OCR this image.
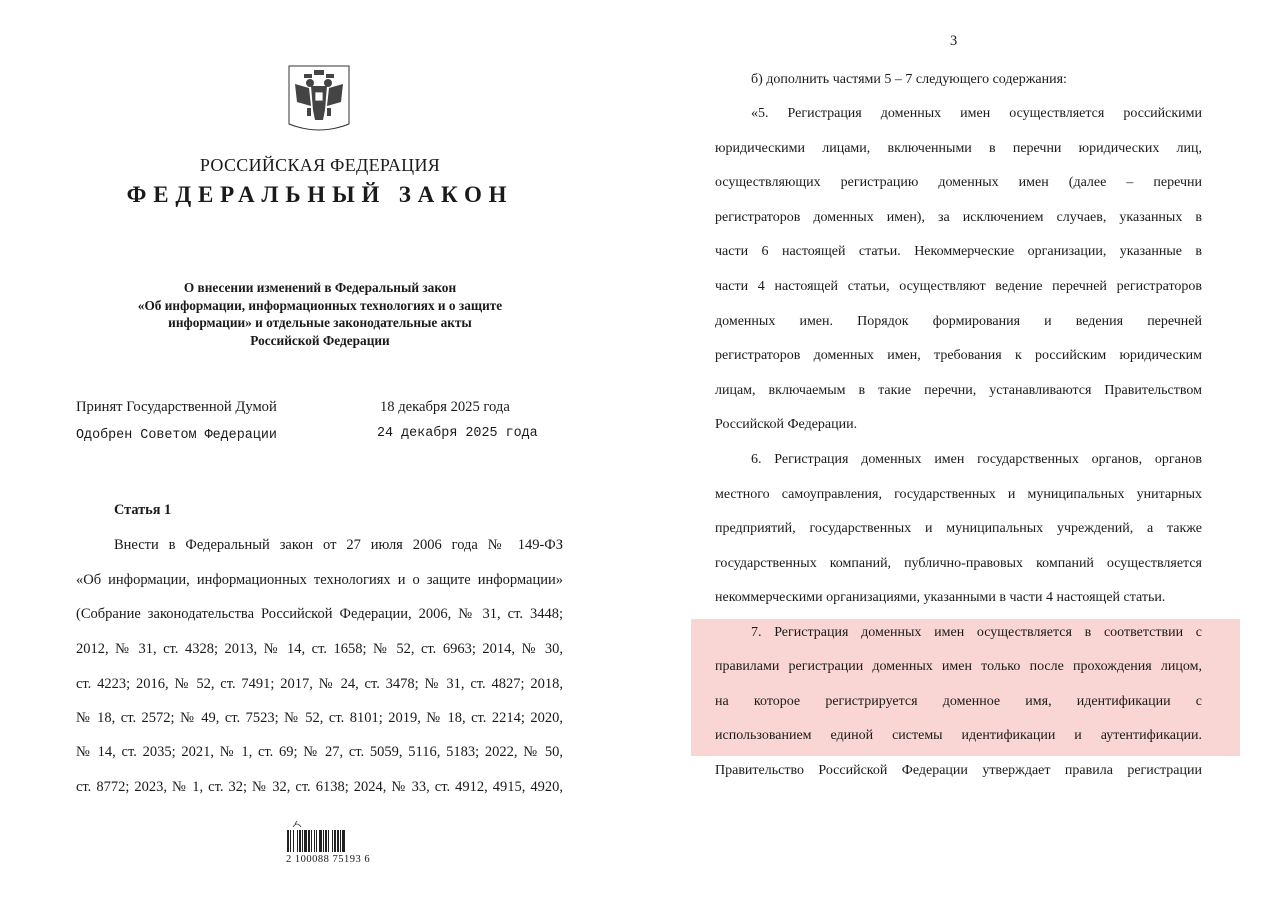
РОССИЙСКАЯ ФЕДЕРАЦИЯ
ФЕДЕРАЛЬНЫЙ ЗАКОН
О внесении изменений в Федеральный закон
«Об информации, информационных технологиях и о защите
информации» и отдельные законодательные акты
Российской Федерации
Принят Государственной Думой	18 декабря 2025 года
Одобрен Советом Федерации	24 декабря 2025 года
Статья 1
Внести в Федеральный закон от 27 июля 2006 года № 149-ФЗ
«Об информации, информационных технологиях и о защите информации»
(Собрание законодательства Российской Федерации, 2006, № 31, ст. 3448;
2012, № 31, ст. 4328; 2013, № 14, ст. 1658; № 52, ст. 6963; 2014, № 30,
ст. 4223; 2016, № 52, ст. 7491; 2017, № 24, ст. 3478; № 31, ст. 4827; 2018,
№ 18, ст. 2572; № 49, ст. 7523; № 52, ст. 8101; 2019, № 18, ст. 2214; 2020,
№ 14, ст. 2035; 2021, № 1, ст. 69; № 27, ст. 5059, 5116, 5183; 2022, № 50,
ст. 8772; 2023, № 1, ст. 32; № 32, ст. 6138; 2024, № 33, ст. 4912, 4915, 4920,
2 100088 75193 6
3
б) дополнить частями 5 – 7 следующего содержания:
«5. Регистрация доменных имен осуществляется российскими
юридическими лицами, включенными в перечни юридических лиц,
осуществляющих регистрацию доменных имен (далее – перечни
регистраторов доменных имен), за исключением случаев, указанных в
части 6 настоящей статьи. Некоммерческие организации, указанные в
части 4 настоящей статьи, осуществляют ведение перечней регистраторов
доменных имен. Порядок формирования и ведения перечней
регистраторов доменных имен, требования к российским юридическим
лицам, включаемым в такие перечни, устанавливаются Правительством
Российской Федерации.
6. Регистрация доменных имен государственных органов, органов
местного самоуправления, государственных и муниципальных унитарных
предприятий, государственных и муниципальных учреждений, а также
государственных компаний, публично-правовых компаний осуществляется
некоммерческими организациями, указанными в части 4 настоящей статьи.
7. Регистрация доменных имен осуществляется в соответствии с
правилами регистрации доменных имен только после прохождения лицом,
на которое регистрируется доменное имя, идентификации с
использованием единой системы идентификации и аутентификации.
Правительство Российской Федерации утверждает правила регистрации
